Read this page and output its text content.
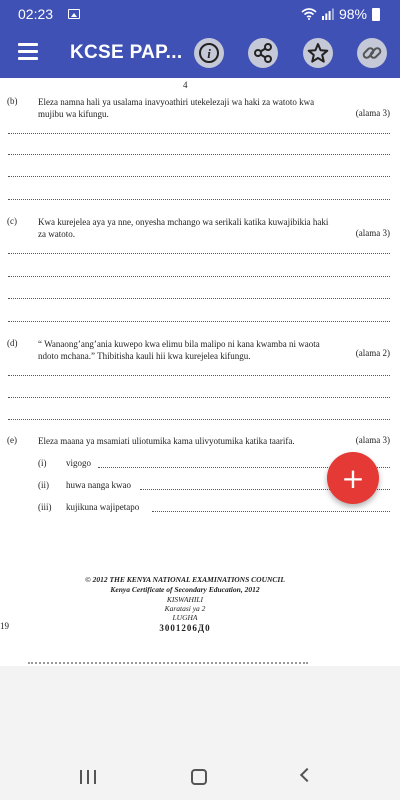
02:23	98%
KCSE PAP... i
4
(b) Eleza namna hali ya usalama inavyoathiri utekelezaji wa haki za watoto kwa mujibu wa kifungu.	(alama 3)
(c) Kwa kurejelea aya ya nne, onyesha mchango wa serikali katika kuwajibikia haki za watoto.	(alama 3)
(d) “ Wanaong’ang’ania kuwepo kwa elimu bila malipo ni kana kwamba ni waota ndoto mchana.” Thibitisha kauli hii kwa kurejelea kifungu.	(alama 2)
(e) Eleza maana ya msamiati uliotumika kama ulivyotumika katika taarifa.	(alama 3)
(i) vigogo
(ii) huwa nanga kwao
(iii) kujikuna wajipetapo
© 2012 THE KENYA NATIONAL EXAMINATIONS COUNCIL
Kenya Certificate of Secondary Education, 2012
KISWAHILI
Karatasi ya 2
LUGHA
19	3001206Д0
+
